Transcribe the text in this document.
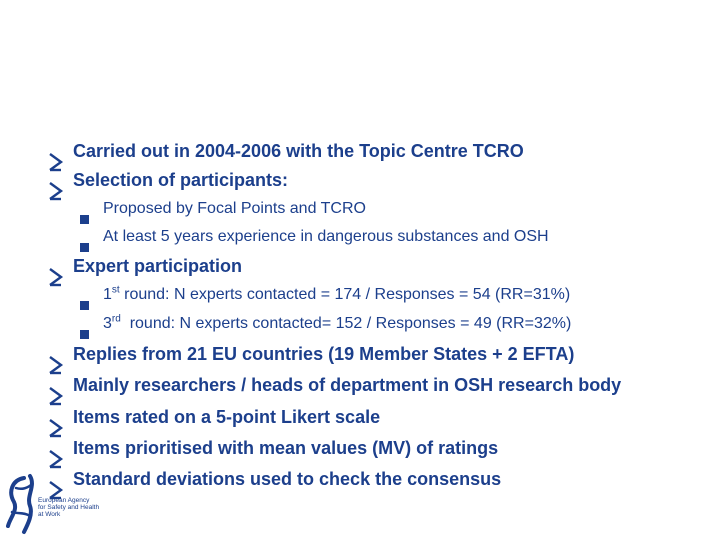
Carried out in 2004-2006 with the Topic Centre TCRO
Selection of participants:
Proposed by Focal Points and TCRO
At least 5 years experience in dangerous substances and OSH
Expert participation
1st round: N experts contacted = 174 / Responses = 54 (RR=31%)
3rd  round: N experts contacted= 152 / Responses = 49 (RR=32%)
Replies from 21 EU countries (19 Member States + 2 EFTA)
Mainly researchers / heads of department in OSH research body
Items rated on a 5-point Likert scale
Items prioritised with mean values (MV) of ratings
Standard deviations used to check the consensus
European Agency
for Safety and Health
at Work
